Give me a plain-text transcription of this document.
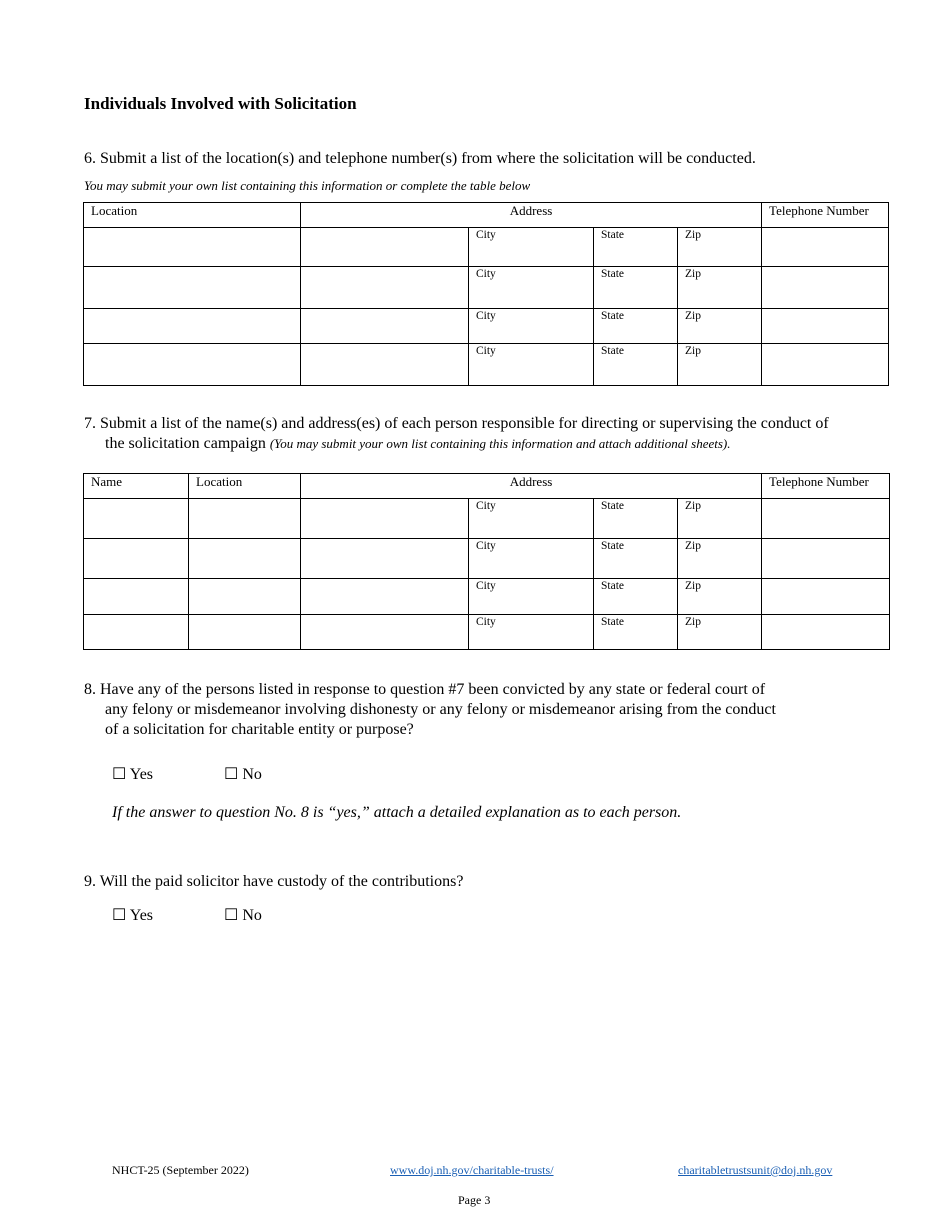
Individuals Involved with Solicitation
6. Submit a list of the location(s) and telephone number(s) from where the solicitation will be conducted.
You may submit your own list containing this information or complete the table below
Location	Address				Telephone Number

		City	State	Zip	

		City	State	Zip	

		City	State	Zip	

		City	State	Zip	

7. Submit a list of the name(s) and address(es) of each person responsible for directing or supervising the conduct of
the solicitation campaign (You may submit your own list containing this information and attach additional sheets).
Name	Location	Address				Telephone Number

			City	State	Zip	

			City	State	Zip	

			City	State	Zip	

			City	State	Zip	

8. Have any of the persons listed in response to question #7 been convicted by any state or federal court of
any felony or misdemeanor involving dishonesty or any felony or misdemeanor arising from the conduct
of a solicitation for charitable entity or purpose?
☐ Yes	☐ No
If the answer to question No. 8 is “yes,” attach a detailed explanation as to each person.
9. Will the paid solicitor have custody of the contributions?
☐ Yes	☐ No
NHCT-25 (September 2022)	www.doj.nh.gov/charitable-trusts/	charitabletrustsunit@doj.nh.gov
Page 3
